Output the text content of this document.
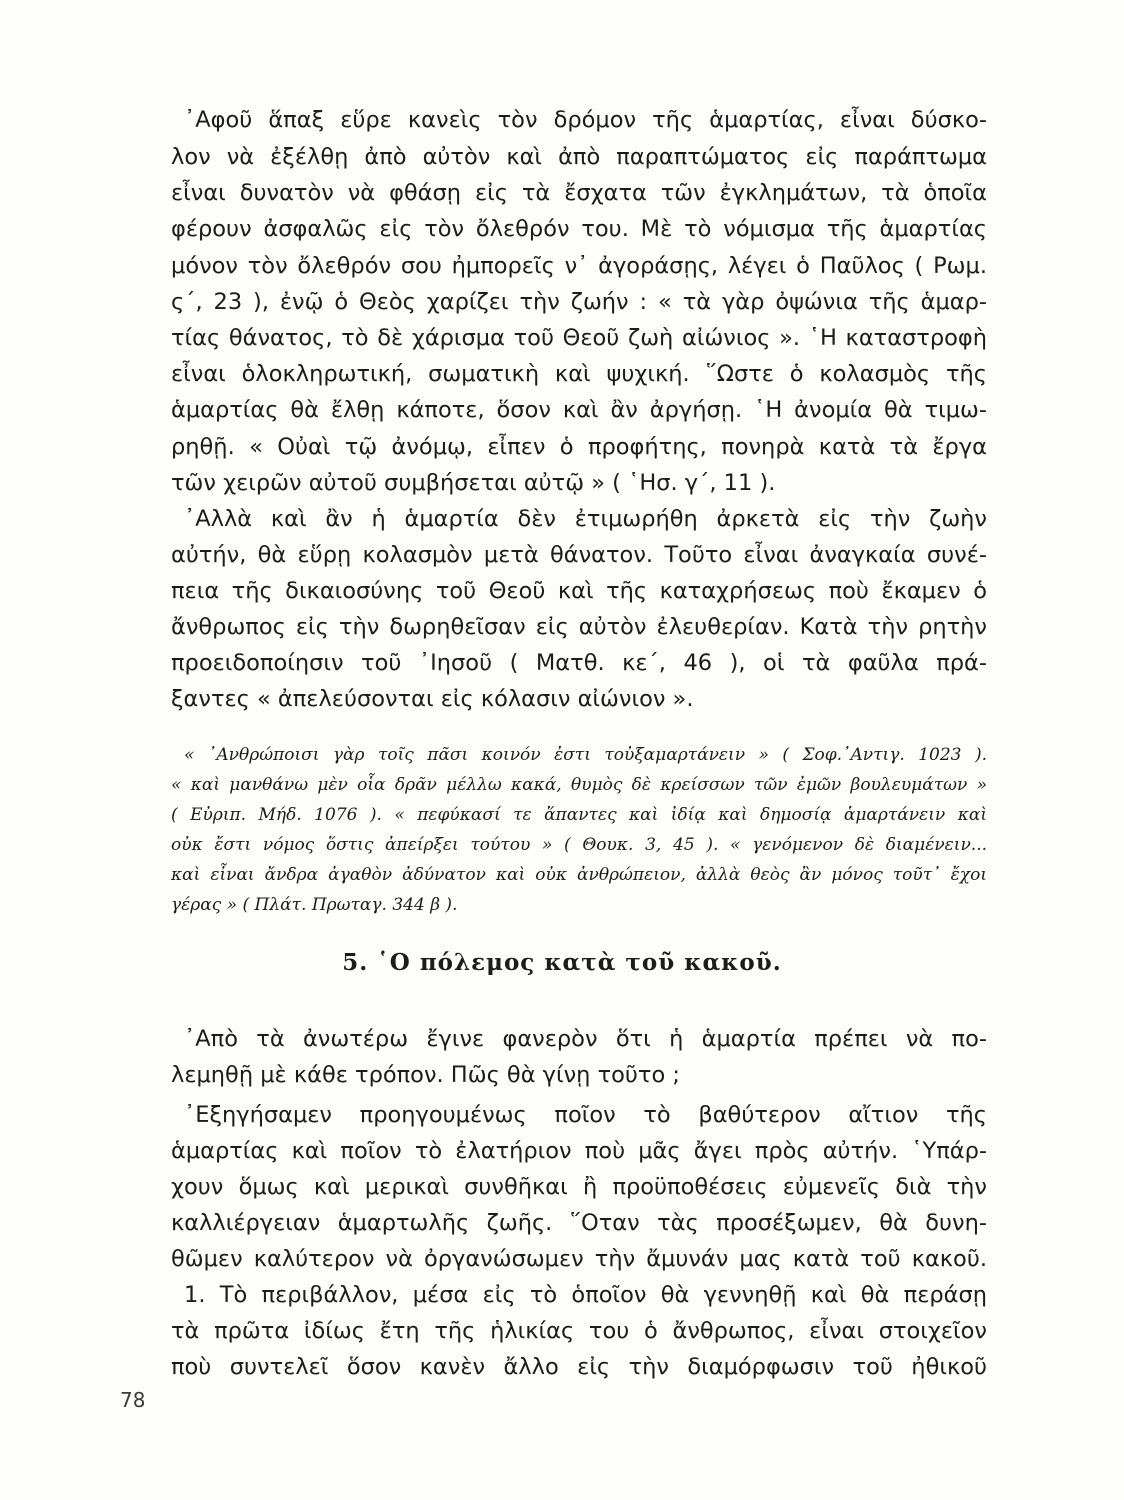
᾿Αφοῦ ἅπαξ εὕρε κανεὶς τὸν δρόμον τῆς ἁμαρτίας, εἶναι δύσκο-

λον νὰ ἐξέλθῃ ἀπὸ αὐτὸν καὶ ἀπὸ παραπτώματος εἰς παράπτωμα

εἶναι δυνατὸν νὰ φθάσῃ εἰς τὰ ἔσχατα τῶν ἐγκλημάτων, τὰ ὁποῖα

φέρουν ἀσφαλῶς εἰς τὸν ὄλεθρόν του. Μὲ τὸ νόμισμα τῆς ἁμαρτίας

μόνον τὸν ὄλεθρόν σου ἠμπορεῖς ν᾿ ἀγοράσῃς, λέγει ὁ Παῦλος ( Ρωμ.

ς΄, 23 ), ἐνῷ ὁ Θεὸς χαρίζει τὴν ζωήν : « τὰ γὰρ ὀψώνια τῆς ἁμαρ-

τίας θάνατος, τὸ δὲ χάρισμα τοῦ Θεοῦ ζωὴ αἰώνιος ». ῾Η καταστροφὴ

εἶναι ὁλοκληρωτική, σωματικὴ καὶ ψυχική. ῞Ωστε ὁ κολασμὸς τῆς

ἁμαρτίας θὰ ἔλθῃ κάποτε, ὅσον καὶ ἂν ἀργήσῃ. ῾Η ἀνομία θὰ τιμω-

ρηθῇ. « Οὐαὶ τῷ ἀνόμῳ, εἶπεν ὁ προφήτης, πονηρὰ κατὰ τὰ ἔργα

τῶν χειρῶν αὐτοῦ συμβήσεται αὐτῷ » ( ῾Ησ. γ΄, 11 ).

᾿Αλλὰ καὶ ἂν ἡ ἁμαρτία δὲν ἐτιμωρήθη ἀρκετὰ εἰς τὴν ζωὴν

αὐτήν, θὰ εὕρῃ κολασμὸν μετὰ θάνατον. Τοῦτο εἶναι ἀναγκαία συνέ-

πεια τῆς δικαιοσύνης τοῦ Θεοῦ καὶ τῆς καταχρήσεως ποὺ ἔκαμεν ὁ

ἄνθρωπος εἰς τὴν δωρηθεῖσαν εἰς αὐτὸν ἐλευθερίαν. Κατὰ τὴν ρητὴν

προειδοποίησιν τοῦ ᾿Ιησοῦ ( Ματθ. κε΄, 46 ), οἱ τὰ φαῦλα πρά-

ξαντες « ἀπελεύσονται εἰς κόλασιν αἰώνιον ».

« ᾿Ανθρώποισι γὰρ τοῖς πᾶσι κοινόν ἐστι τοὐξαμαρτάνειν » ( Σοφ.᾿Αντιγ. 1023 ).

« καὶ μανθάνω μὲν οἷα δρᾶν μέλλω κακά, θυμὸς δὲ κρείσσων τῶν ἐμῶν βουλευμάτων »

( Εὐριπ. Μήδ. 1076 ). « πεφύκασί τε ἅπαντες καὶ ἰδίᾳ καὶ δημοσίᾳ ἁμαρτάνειν καὶ

οὐκ ἔστι νόμος ὅστις ἀπείρξει τούτου » ( Θουκ. 3, 45 ). « γενόμενον δὲ διαμένειν...

καὶ εἶναι ἄνδρα ἀγαθὸν ἀδύνατον καὶ οὐκ ἀνθρώπειον, ἀλλὰ θεὸς ἂν μόνος τοῦτ᾿ ἔχοι

γέρας » ( Πλάτ. Πρωταγ. 344 β ).

5. ῾Ο πόλεμος κατὰ τοῦ κακοῦ.

᾿Απὸ τὰ ἀνωτέρω ἔγινε φανερὸν ὅτι ἡ ἁμαρτία πρέπει νὰ πο-

λεμηθῇ μὲ κάθε τρόπον. Πῶς θὰ γίνῃ τοῦτο ;

᾿Εξηγήσαμεν προηγουμένως ποῖον τὸ βαθύτερον αἴτιον τῆς

ἁμαρτίας καὶ ποῖον τὸ ἐλατήριον ποὺ μᾶς ἄγει πρὸς αὐτήν. ῾Υπάρ-

χουν ὅμως καὶ μερικαὶ συνθῆκαι ἢ προϋποθέσεις εὐμενεῖς διὰ τὴν

καλλιέργειαν ἁμαρτωλῆς ζωῆς. ῞Οταν τὰς προσέξωμεν, θὰ δυνη-

θῶμεν καλύτερον νὰ ὀργανώσωμεν τὴν ἄμυνάν μας κατὰ τοῦ κακοῦ.

1. Τὸ περιβάλλον, μέσα εἰς τὸ ὁποῖον θὰ γεννηθῇ καὶ θὰ περάσῃ

τὰ πρῶτα ἰδίως ἔτη τῆς ἡλικίας του ὁ ἄνθρωπος, εἶναι στοιχεῖον

ποὺ συντελεῖ ὅσον κανὲν ἄλλο εἰς τὴν διαμόρφωσιν τοῦ ἠθικοῦ

78
